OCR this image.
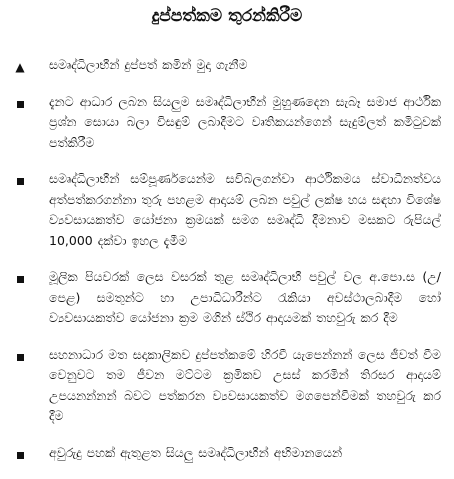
දුප්පත්කම තුරන්කිරීම
▲ සමෘද්ධිලාභීන් දුප්පත් කමින් මුදා ගැනීම
දැනට ආධාර ලබන සියලුම සමෘද්ධිලාභීන් මුහුණදෙන සැබෑ සමාජ ආර්ථික ප්‍රශ්න සොයා බලා විසඳුම් ලබාදීමට වෘතිකයන්ගෙන් සැදුම්ලත් කමිටුවක් පත්කිරීම
සමෘද්ධිලාභීන් සම්පූර්ණයෙන්ම සවිබලගන්වා ආර්ථිකමය ස්වාධීනත්වය අත්පත්කරගන්නා තුරු පහළම ආදායම් ලබන පවුල් ලක්ෂ හය සඳහා විශේෂ ව්‍යවසායකත්ව යෝජනා ක්‍රමයක් සමග සමෘද්ධි දීමනාව මසකට රුපියල් 10,000 දක්වා ඉහල දැමීම
මූලික පියවරක් ලෙස වසරක් තුළ සමෘද්ධිලාභී පවුල් වල අ.පො.ස (උ/පෙළ) සමතුන්ට හා උපාධිධාරීන්ට රැකියා අවස්ථාලබාදීම හෝ ව්‍යවසායකත්ව යෝජනා ක්‍රම මගින් ස්ථිර ආදායමක් තහවුරු කර දීම
සහනාධාර මත සදාකාලිකව දුප්පත්කමේ හිරවී යැපෙන්නන් ලෙස ජීවත් වීම වෙනුවට තම ජීවන මට්ටම ක්‍රමිකව උසස් කරමින් තිරසර ආදායම් උපයනන්නන් බවට පත්කරන ව්‍යවසායකත්ව මගපෙන්වීමක් තහවුරු කර දීම
අවුරුදු පහක් ඇතුළත සියලු සමෘද්ධිලාභීන් අභිමානයෙන්
